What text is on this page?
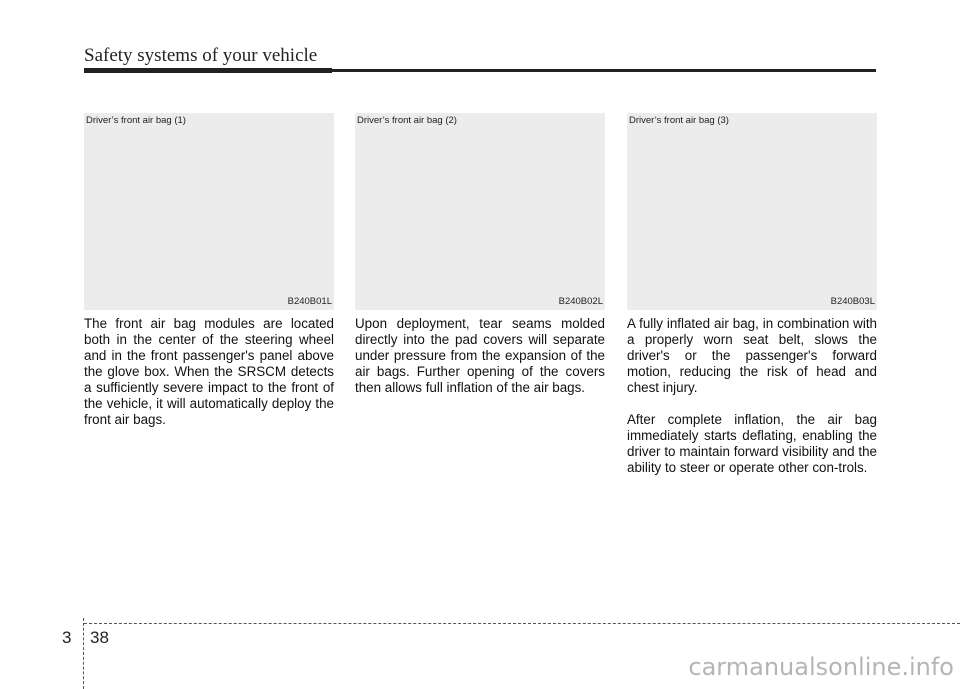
Safety systems of your vehicle
Driver’s front air bag (1)
B240B01L
Driver’s front air bag (2)
B240B02L
Driver’s front air bag (3)
B240B03L

The front air bag modules are located both in the center of the steering wheel and in the front passenger's panel above the glove box. When the SRSCM detects a sufficiently severe impact to the front of the vehicle, it will automatically deploy the front air bags.

Upon deployment, tear seams molded directly into the pad covers will separate under pressure from the expansion of the air bags. Further opening of the covers then allows full inflation of the air bags.

A fully inflated air bag, in combination with a properly worn seat belt, slows the driver's or the passenger's forward motion, reducing the risk of head and chest injury.

After complete inflation, the air bag immediately starts deflating, enabling the driver to maintain forward visibility and the ability to steer or operate other con-trols.

3 38
carmanualsonline.info
